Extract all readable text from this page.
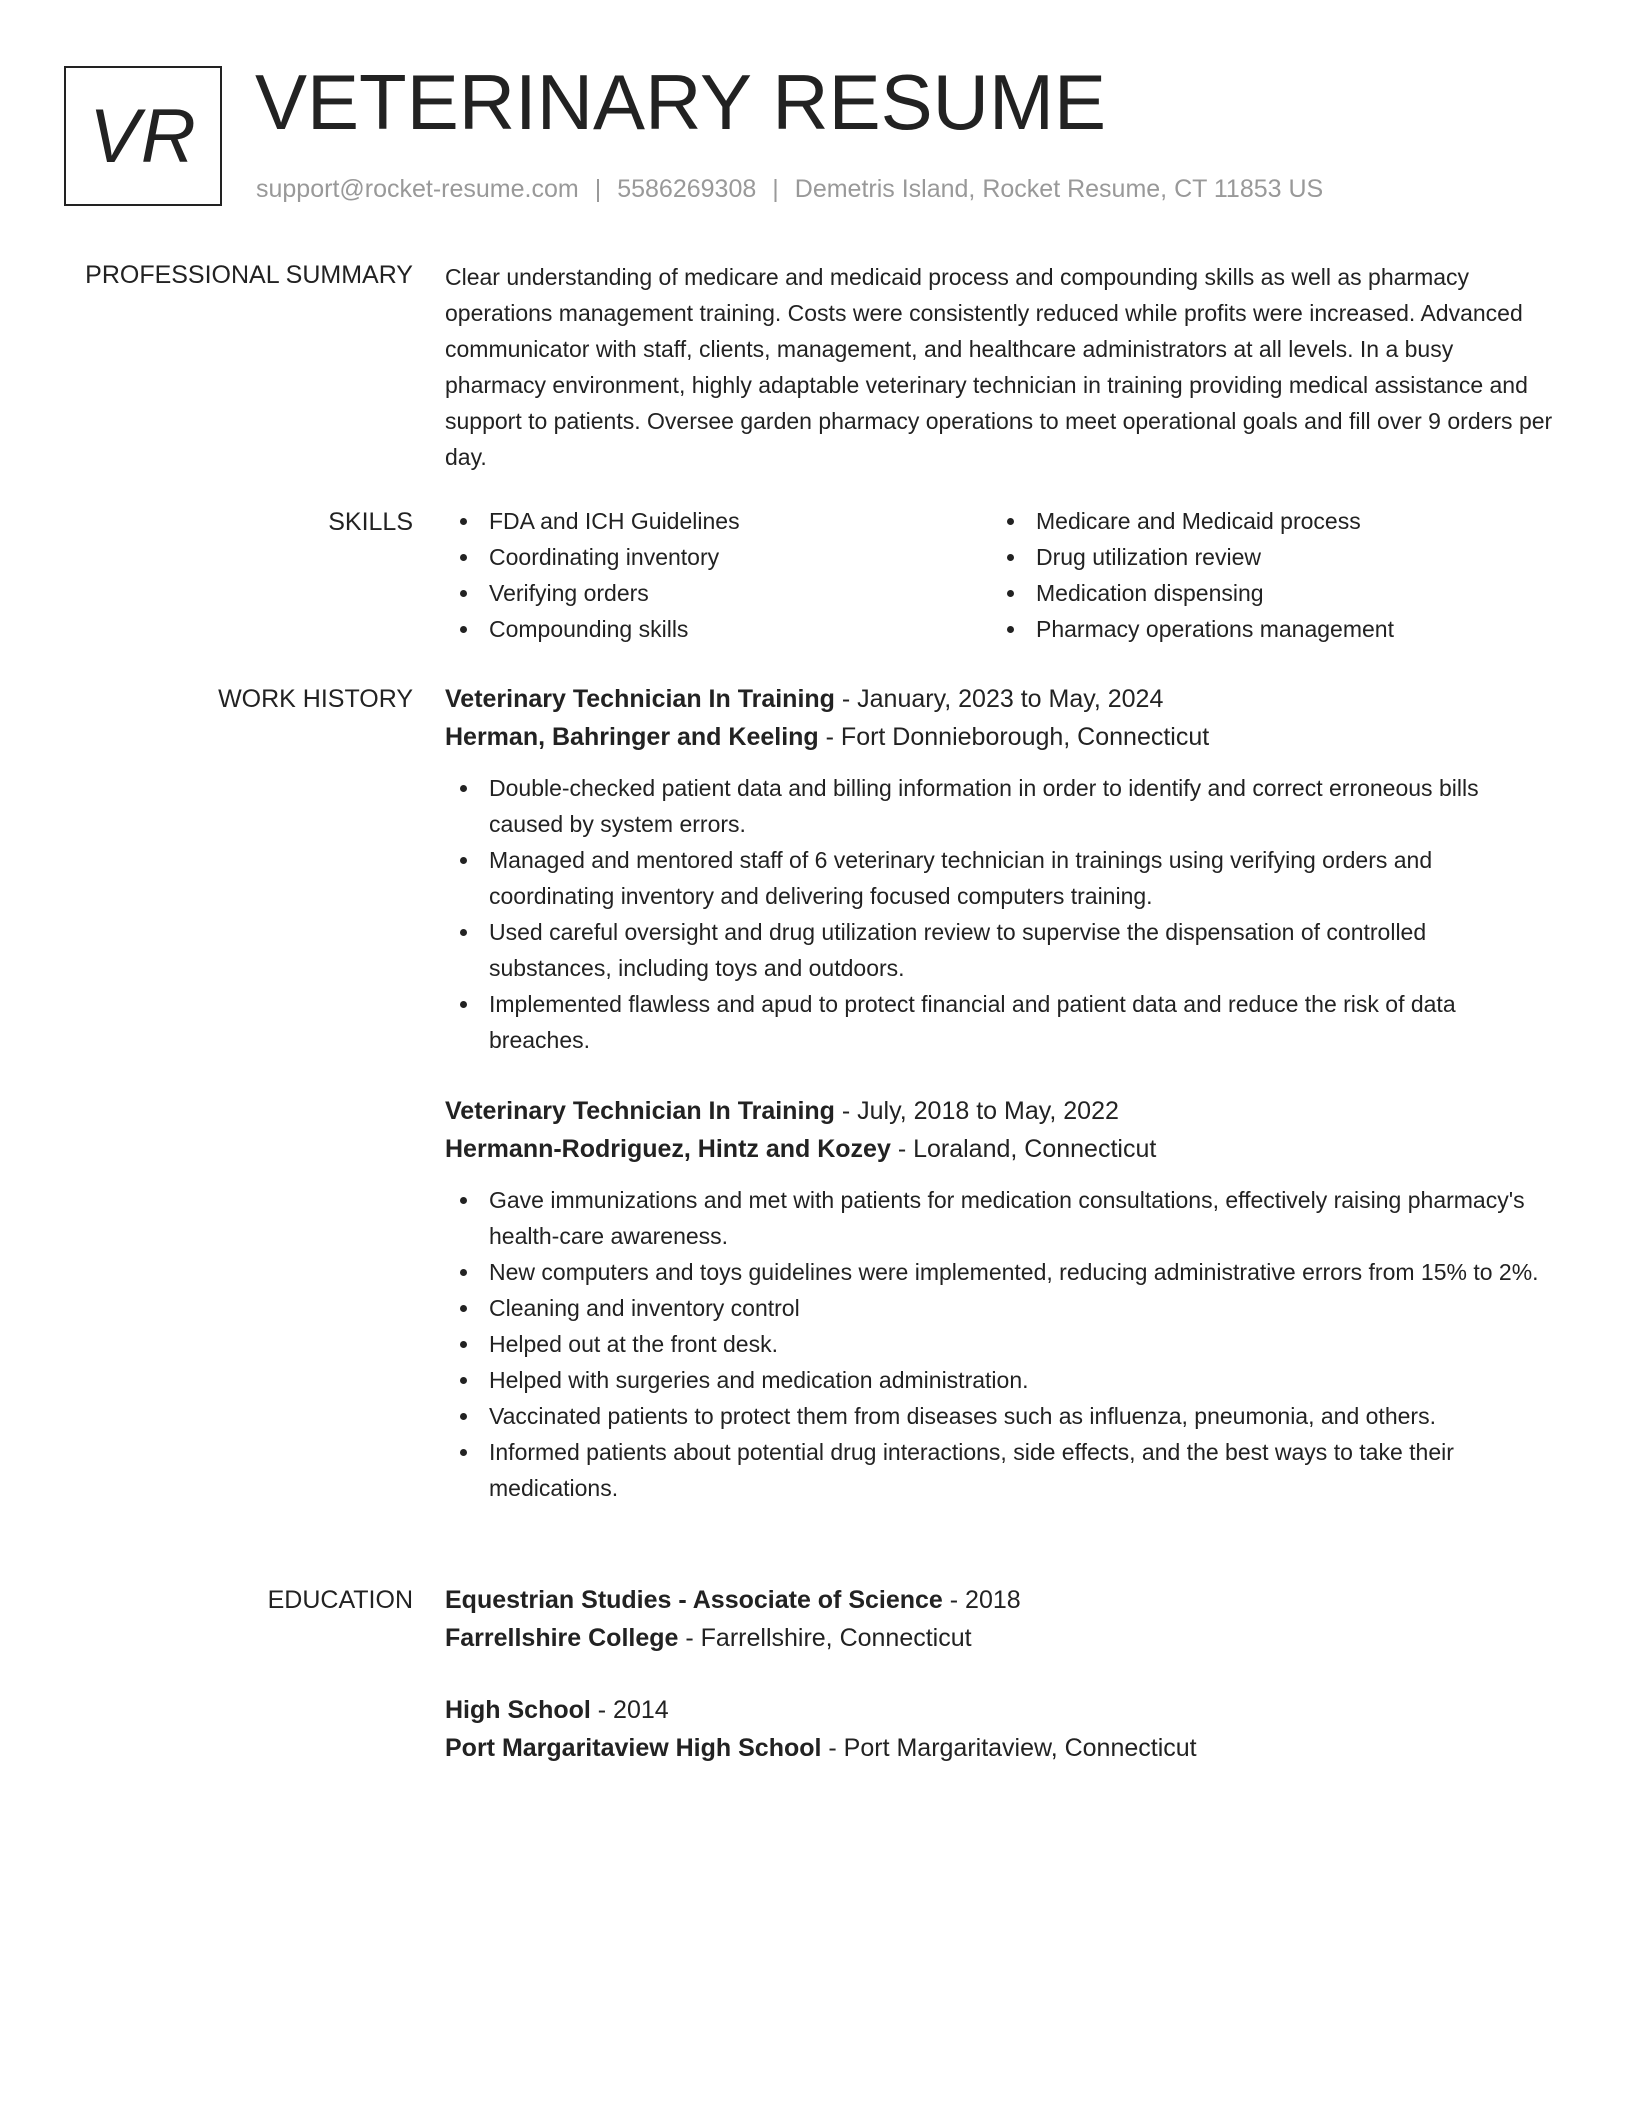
VR VETERINARY RESUME
support@rocket-resume.com | 5586269308 | Demetris Island, Rocket Resume, CT 11853 US
PROFESSIONAL SUMMARY Clear understanding of medicare and medicaid process and compounding skills as well as pharmacy operations management training. Costs were consistently reduced while profits were increased. Advanced communicator with staff, clients, management, and healthcare administrators at all levels. In a busy pharmacy environment, highly adaptable veterinary technician in training providing medical assistance and support to patients. Oversee garden pharmacy operations to meet operational goals and fill over 9 orders per day.

SKILLS	FDA and ICH Guidelines
Coordinating inventory
Verifying orders
Compounding skills
Medicare and Medicaid process
Drug utilization review
Medication dispensing
Pharmacy operations management
WORK HISTORY Veterinary Technician In Training - January, 2023 to May, 2024
Herman, Bahringer and Keeling - Fort Donnieborough, Connecticut
Double-checked patient data and billing information in order to identify and correct erroneous bills caused by system errors.
Managed and mentored staff of 6 veterinary technician in trainings using verifying orders and coordinating inventory and delivering focused computers training.
Used careful oversight and drug utilization review to supervise the dispensation of controlled substances, including toys and outdoors.
Implemented flawless and apud to protect financial and patient data and reduce the risk of data breaches.
Veterinary Technician In Training - July, 2018 to May, 2022
Hermann-Rodriguez, Hintz and Kozey - Loraland, Connecticut
Gave immunizations and met with patients for medication consultations, effectively raising pharmacy's health-care awareness.
New computers and toys guidelines were implemented, reducing administrative errors from 15% to 2%.
Cleaning and inventory control
Helped out at the front desk.
Helped with surgeries and medication administration.
Vaccinated patients to protect them from diseases such as influenza, pneumonia, and others.
Informed patients about potential drug interactions, side effects, and the best ways to take their medications.
EDUCATION Equestrian Studies - Associate of Science - 2018
Farrellshire College - Farrellshire, Connecticut
High School - 2014
Port Margaritaview High School - Port Margaritaview, Connecticut
